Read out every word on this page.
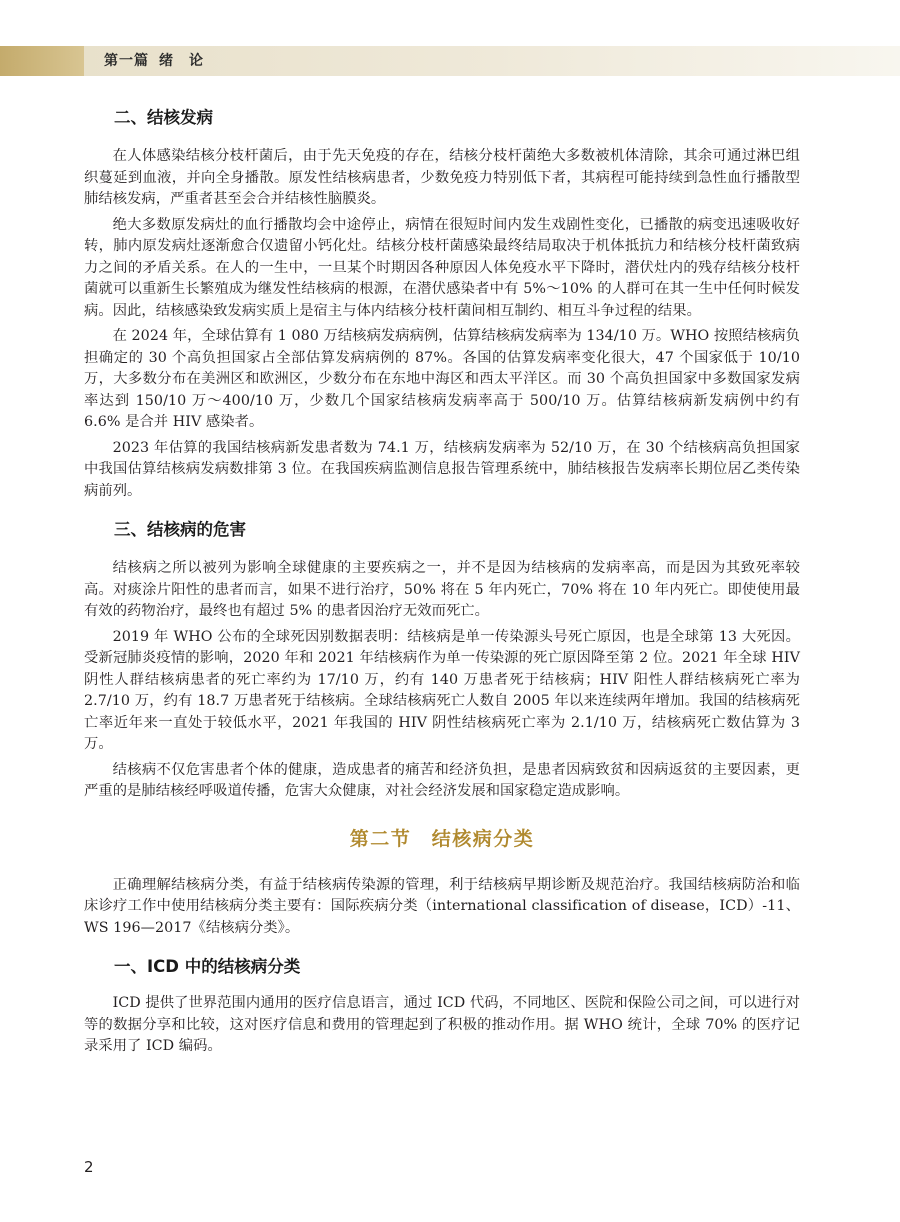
第一篇 绪　论
二、结核发病

在人体感染结核分枝杆菌后，由于先天免疫的存在，结核分枝杆菌绝大多数被机体清除，其余可通过淋巴组织蔓延到血液，并向全身播散。原发性结核病患者，少数免疫力特别低下者，其病程可能持续到急性血行播散型肺结核发病，严重者甚至会合并结核性脑膜炎。

绝大多数原发病灶的血行播散均会中途停止，病情在很短时间内发生戏剧性变化，已播散的病变迅速吸收好转，肺内原发病灶逐渐愈合仅遗留小钙化灶。结核分枝杆菌感染最终结局取决于机体抵抗力和结核分枝杆菌致病力之间的矛盾关系。在人的一生中，一旦某个时期因各种原因人体免疫水平下降时，潜伏灶内的残存结核分枝杆菌就可以重新生长繁殖成为继发性结核病的根源，在潜伏感染者中有 5%～10% 的人群可在其一生中任何时候发病。因此，结核感染致发病实质上是宿主与体内结核分枝杆菌间相互制约、相互斗争过程的结果。

在 2024 年，全球估算有 1 080 万结核病发病病例，估算结核病发病率为 134/10 万。WHO 按照结核病负担确定的 30 个高负担国家占全部估算发病病例的 87%。各国的估算发病率变化很大，47 个国家低于 10/10 万，大多数分布在美洲区和欧洲区，少数分布在东地中海区和西太平洋区。而 30 个高负担国家中多数国家发病率达到 150/10 万～400/10 万，少数几个国家结核病发病率高于 500/10 万。估算结核病新发病例中约有 6.6% 是合并 HIV 感染者。

2023 年估算的我国结核病新发患者数为 74.1 万，结核病发病率为 52/10 万，在 30 个结核病高负担国家中我国估算结核病发病数排第 3 位。在我国疾病监测信息报告管理系统中，肺结核报告发病率长期位居乙类传染病前列。

三、结核病的危害

结核病之所以被列为影响全球健康的主要疾病之一，并不是因为结核病的发病率高，而是因为其致死率较高。对痰涂片阳性的患者而言，如果不进行治疗，50% 将在 5 年内死亡，70% 将在 10 年内死亡。即使使用最有效的药物治疗，最终也有超过 5% 的患者因治疗无效而死亡。

2019 年 WHO 公布的全球死因别数据表明：结核病是单一传染源头号死亡原因，也是全球第 13 大死因。受新冠肺炎疫情的影响，2020 年和 2021 年结核病作为单一传染源的死亡原因降至第 2 位。2021 年全球 HIV 阴性人群结核病患者的死亡率约为 17/10 万，约有 140 万患者死于结核病；HIV 阳性人群结核病死亡率为 2.7/10 万，约有 18.7 万患者死于结核病。全球结核病死亡人数自 2005 年以来连续两年增加。我国的结核病死亡率近年来一直处于较低水平，2021 年我国的 HIV 阴性结核病死亡率为 2.1/10 万，结核病死亡数估算为 3 万。

结核病不仅危害患者个体的健康，造成患者的痛苦和经济负担，是患者因病致贫和因病返贫的主要因素，更严重的是肺结核经呼吸道传播，危害大众健康，对社会经济发展和国家稳定造成影响。

第二节　结核病分类

正确理解结核病分类，有益于结核病传染源的管理，利于结核病早期诊断及规范治疗。我国结核病防治和临床诊疗工作中使用结核病分类主要有：国际疾病分类（international classification of disease，ICD）-11、WS 196—2017《结核病分类》。

一、ICD 中的结核病分类

ICD 提供了世界范围内通用的医疗信息语言，通过 ICD 代码，不同地区、医院和保险公司之间，可以进行对等的数据分享和比较，这对医疗信息和费用的管理起到了积极的推动作用。据 WHO 统计，全球 70% 的医疗记录采用了 ICD 编码。

2
